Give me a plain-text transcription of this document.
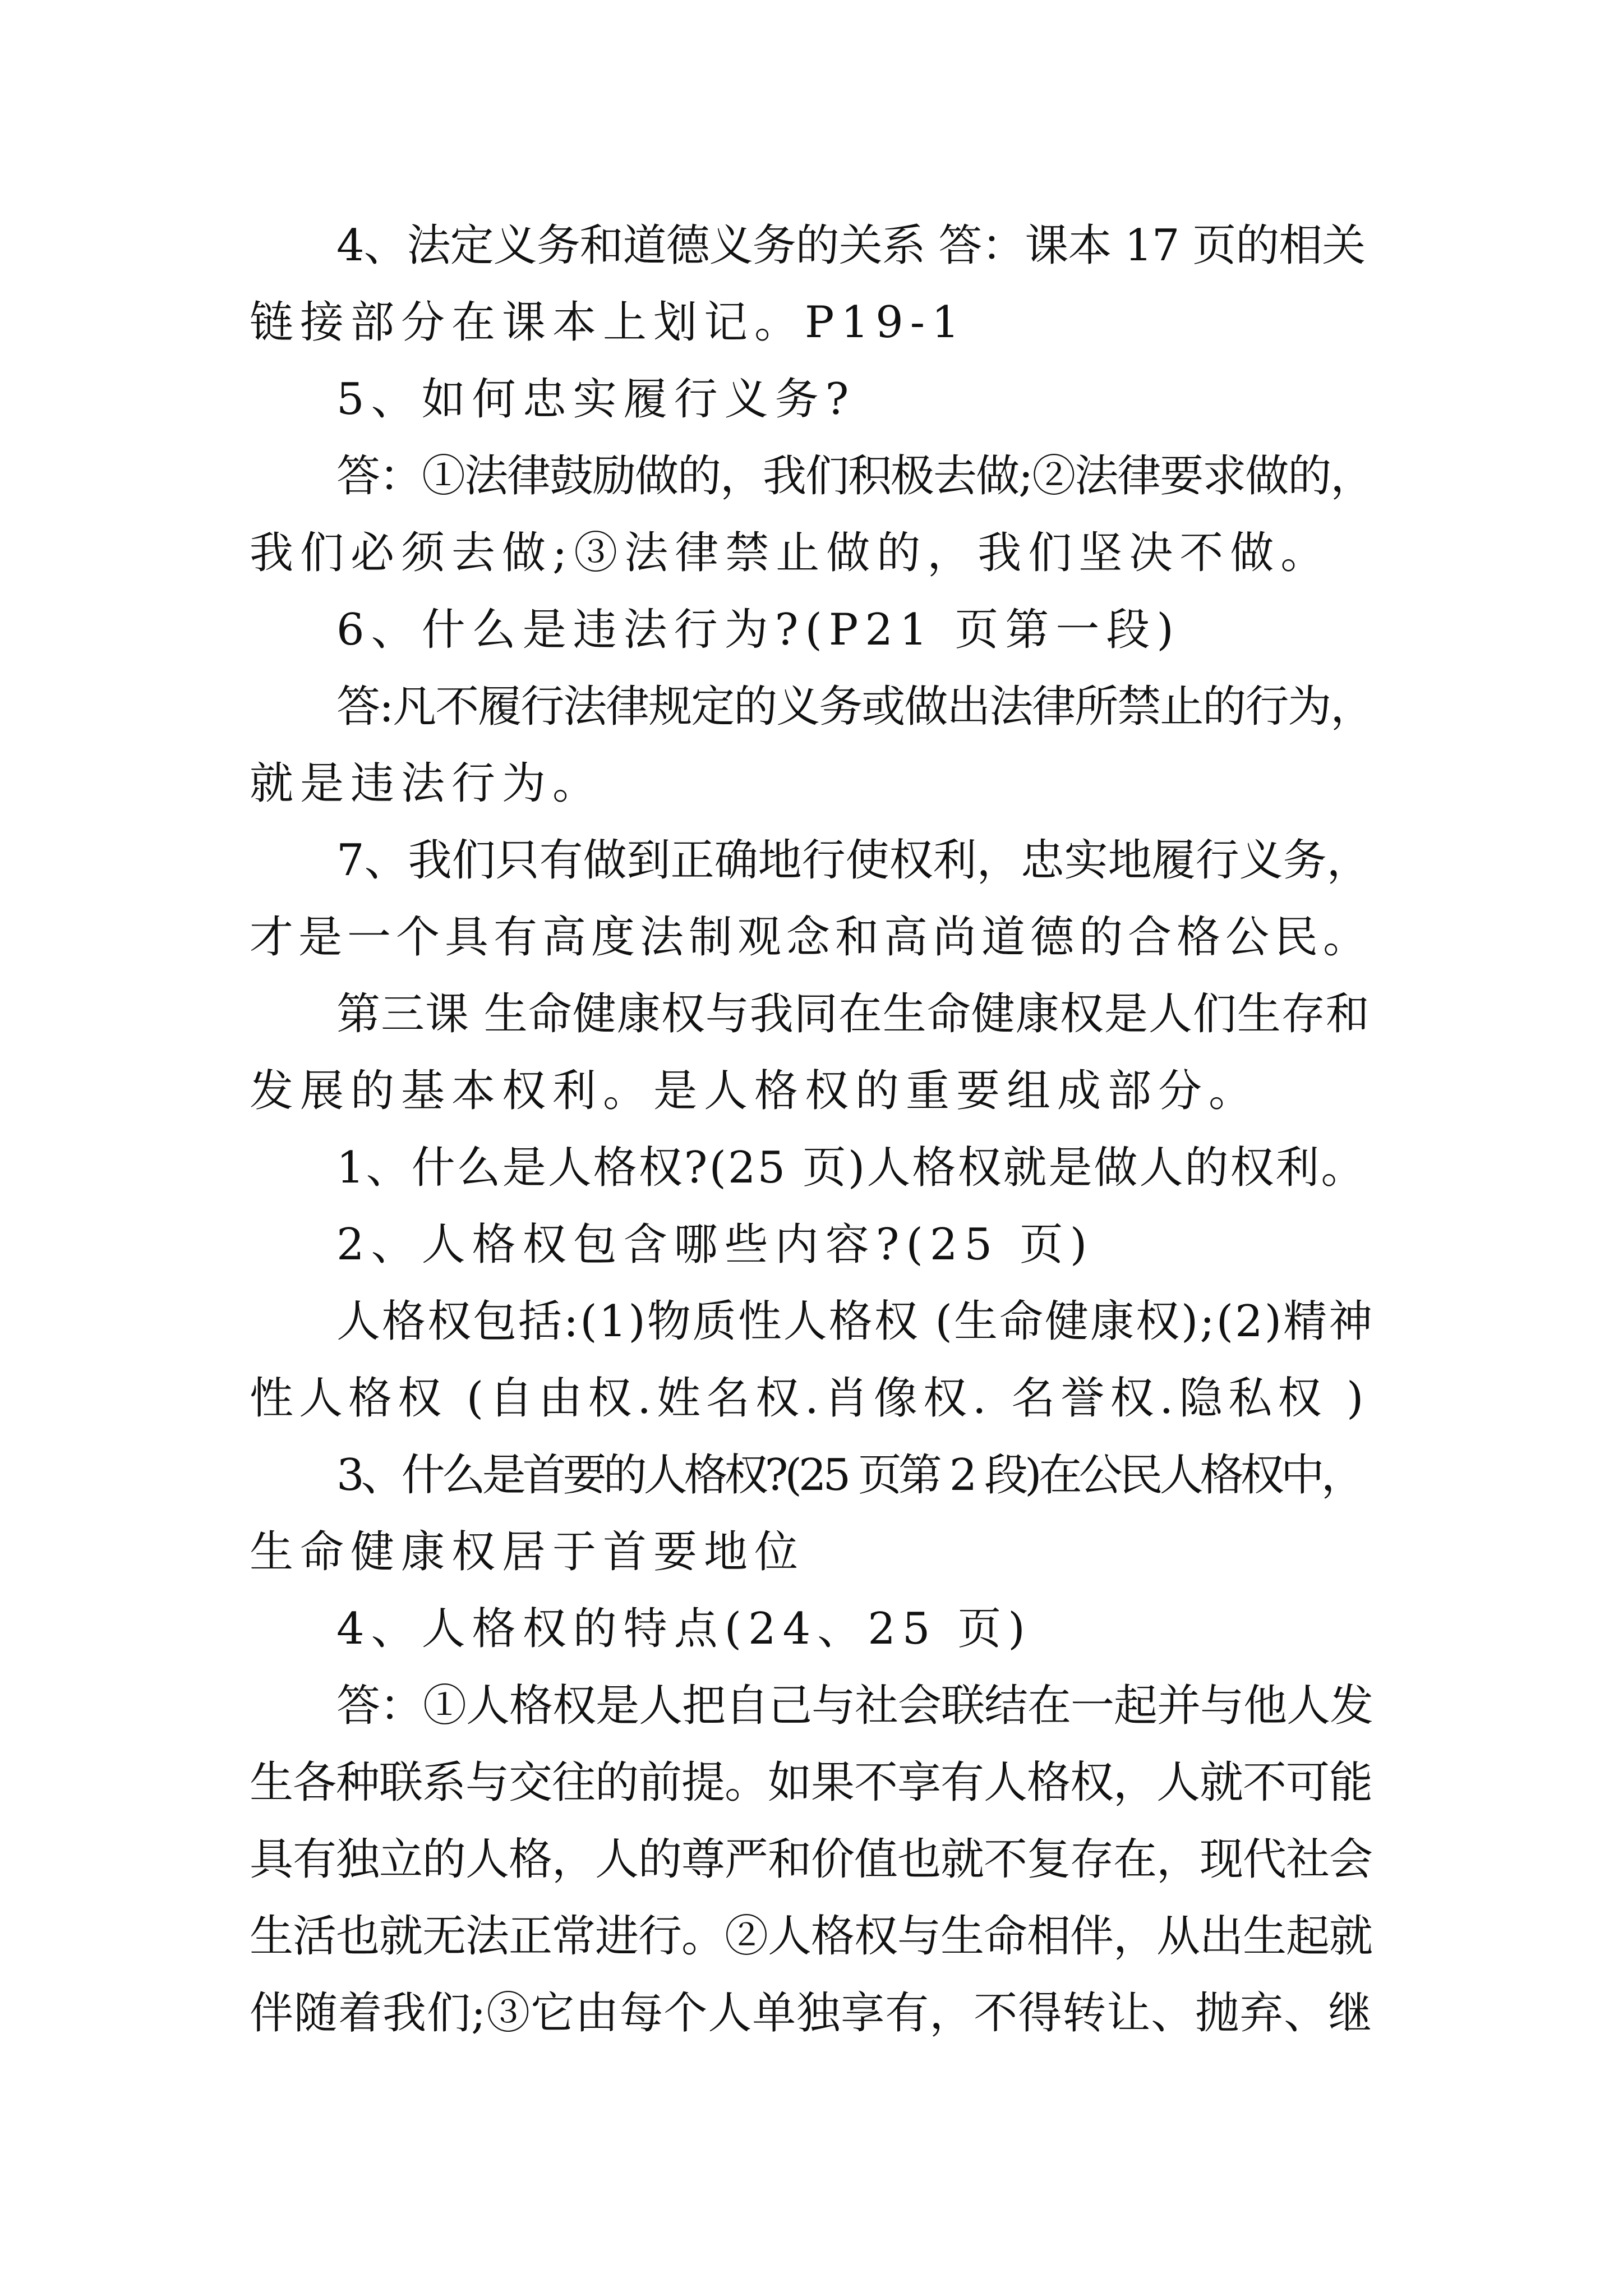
4、法定义务和道德义务的关系 答：课本 17 页的相关
链接部分在课本上划记。P19-1
5、如何忠实履行义务?
答：①法律鼓励做的，我们积极去做;②法律要求做的，
我们必须去做;③法律禁止做的，我们坚决不做。
6、什么是违法行为?(P21 页第一段)
答:凡不履行法律规定的义务或做出法律所禁止的行为，
就是违法行为。
7、我们只有做到正确地行使权利，忠实地履行义务，
才是一个具有高度法制观念和高尚道德的合格公民。
第三课 生命健康权与我同在生命健康权是人们生存和
发展的基本权利。是人格权的重要组成部分。
1、什么是人格权?(25 页)人格权就是做人的权利。
2、人格权包含哪些内容?(25 页)
人格权包括:(1)物质性人格权 (生命健康权);(2)精神
性人格权 (自由权.姓名权.肖像权. 名誉权.隐私权 )
3、什么是首要的人格权?(25 页第 2 段)在公民人格权中，
生命健康权居于首要地位
4、人格权的特点(24、25 页)
答：①人格权是人把自己与社会联结在一起并与他人发
生各种联系与交往的前提。如果不享有人格权，人就不可能
具有独立的人格，人的尊严和价值也就不复存在，现代社会
生活也就无法正常进行。②人格权与生命相伴，从出生起就
伴随着我们;③它由每个人单独享有，不得转让、抛弃、继
